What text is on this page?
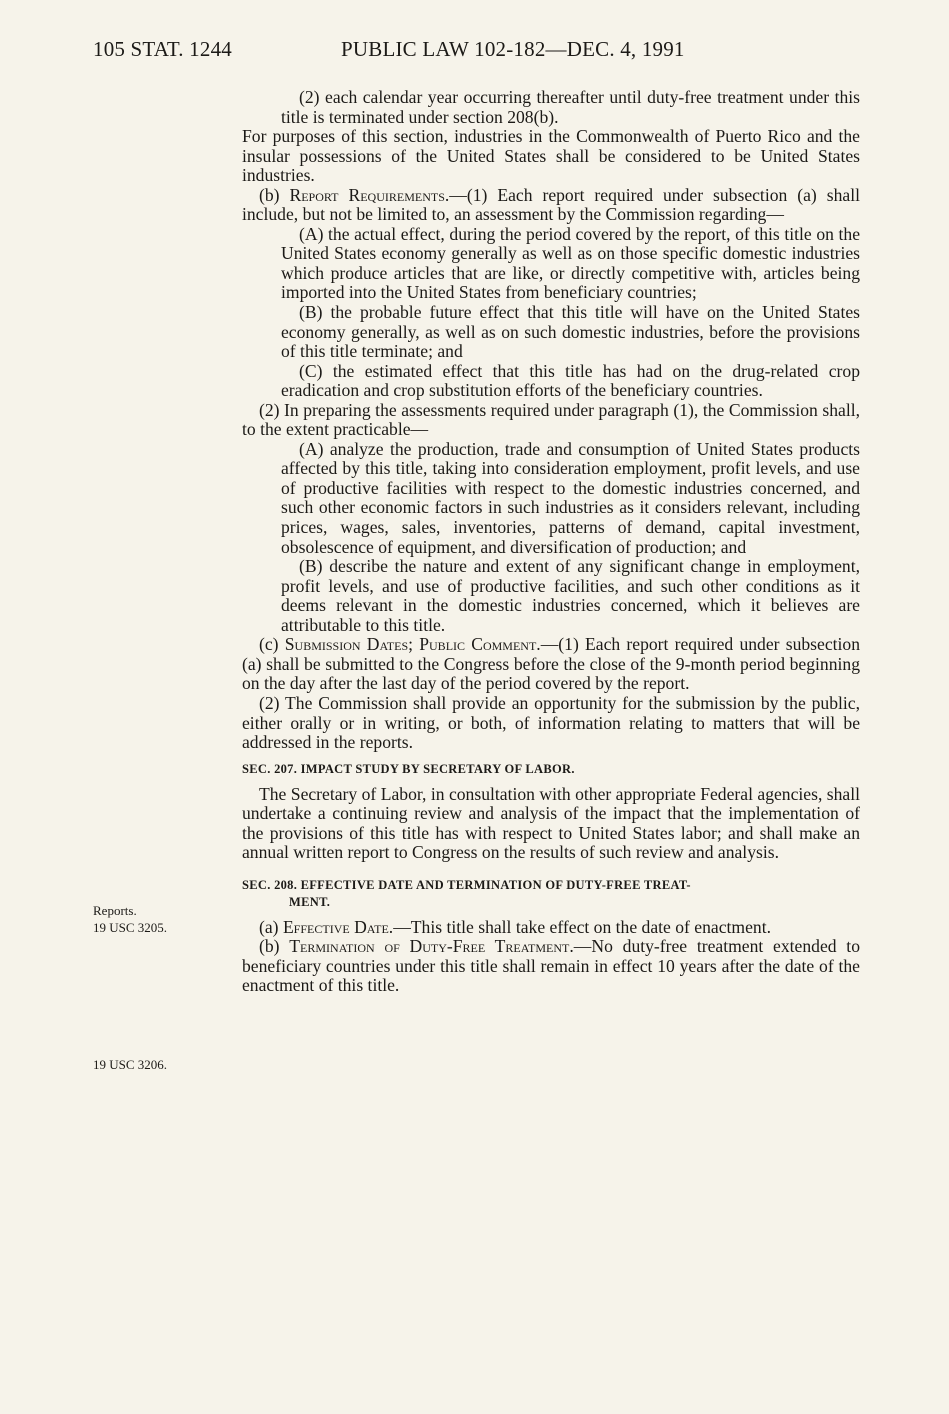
105 STAT. 1244	PUBLIC LAW 102-182—DEC. 4, 1991
Reports.
19 USC 3205.
19 USC 3206.

(2) each calendar year occurring thereafter until duty-free treatment under this title is terminated under section 208(b).

For purposes of this section, industries in the Commonwealth of Puerto Rico and the insular possessions of the United States shall be considered to be United States industries.

(b) Report Requirements.—(1) Each report required under subsection (a) shall include, but not be limited to, an assessment by the Commission regarding—

(A) the actual effect, during the period covered by the report, of this title on the United States economy generally as well as on those specific domestic industries which produce articles that are like, or directly competitive with, articles being imported into the United States from beneficiary countries;

(B) the probable future effect that this title will have on the United States economy generally, as well as on such domestic industries, before the provisions of this title terminate; and

(C) the estimated effect that this title has had on the drug-related crop eradication and crop substitution efforts of the beneficiary countries.

(2) In preparing the assessments required under paragraph (1), the Commission shall, to the extent practicable—

(A) analyze the production, trade and consumption of United States products affected by this title, taking into consideration employment, profit levels, and use of productive facilities with respect to the domestic industries concerned, and such other economic factors in such industries as it considers relevant, including prices, wages, sales, inventories, patterns of demand, capital investment, obsolescence of equipment, and diversification of production; and

(B) describe the nature and extent of any significant change in employment, profit levels, and use of productive facilities, and such other conditions as it deems relevant in the domestic industries concerned, which it believes are attributable to this title.

(c) Submission Dates; Public Comment.—(1) Each report required under subsection (a) shall be submitted to the Congress before the close of the 9-month period beginning on the day after the last day of the period covered by the report.

(2) The Commission shall provide an opportunity for the submission by the public, either orally or in writing, or both, of information relating to matters that will be addressed in the reports.

SEC. 207. IMPACT STUDY BY SECRETARY OF LABOR.

The Secretary of Labor, in consultation with other appropriate Federal agencies, shall undertake a continuing review and analysis of the impact that the implementation of the provisions of this title has with respect to United States labor; and shall make an annual written report to Congress on the results of such review and analysis.

SEC. 208. EFFECTIVE DATE AND TERMINATION OF DUTY-FREE TREAT-
MENT.

(a) Effective Date.—This title shall take effect on the date of enactment.

(b) Termination of Duty-Free Treatment.—No duty-free treatment extended to beneficiary countries under this title shall remain in effect 10 years after the date of the enactment of this title.
